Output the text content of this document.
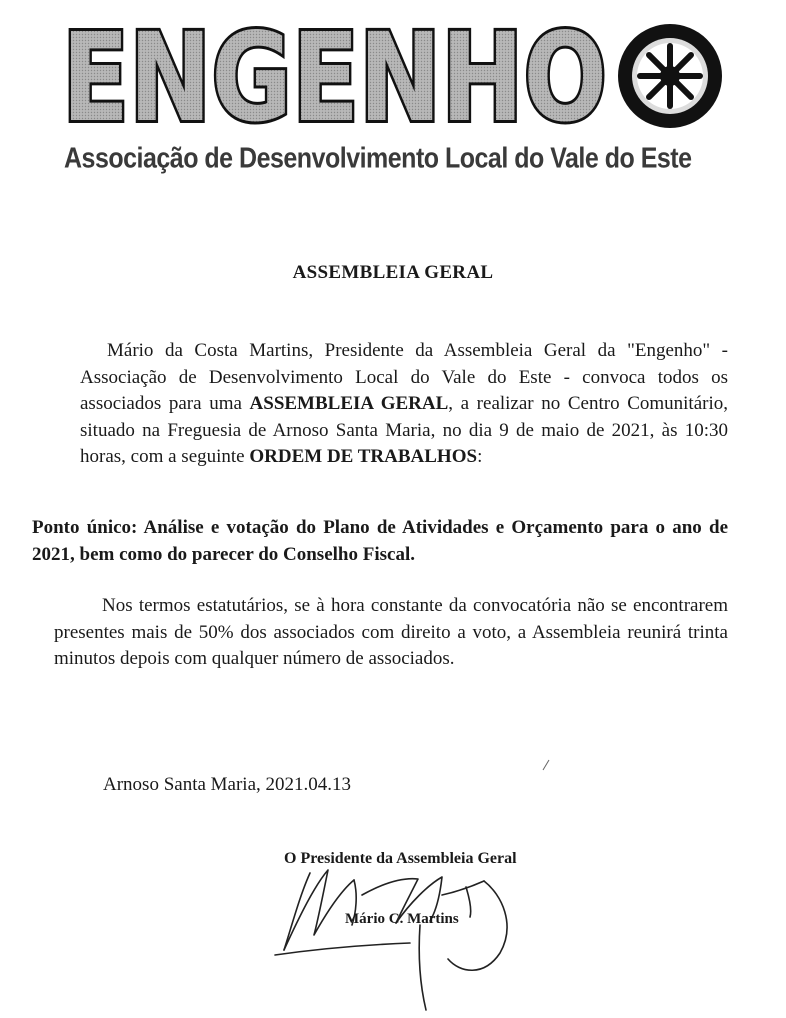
ENGENHO
Associação de Desenvolvimento Local do Vale do Este
ASSEMBLEIA GERAL
Mário da Costa Martins, Presidente da Assembleia Geral da "Engenho" - Associação de Desenvolvimento Local do Vale do Este - convoca todos os associados para uma ASSEMBLEIA GERAL, a realizar no Centro Comunitário, situado na Freguesia de Arnoso Santa Maria, no dia 9 de maio de 2021, às 10:30 horas, com a seguinte ORDEM DE TRABALHOS:
Ponto único: Análise e votação do Plano de Atividades e Orçamento para o ano de 2021, bem como do parecer do Conselho Fiscal.
Nos termos estatutários, se à hora constante da convocatória não se encontrarem presentes mais de 50% dos associados com direito a voto, a Assembleia reunirá trinta minutos depois com qualquer número de associados.
Arnoso Santa Maria, 2021.04.13
O Presidente da Assembleia Geral
Mário C. Martins
